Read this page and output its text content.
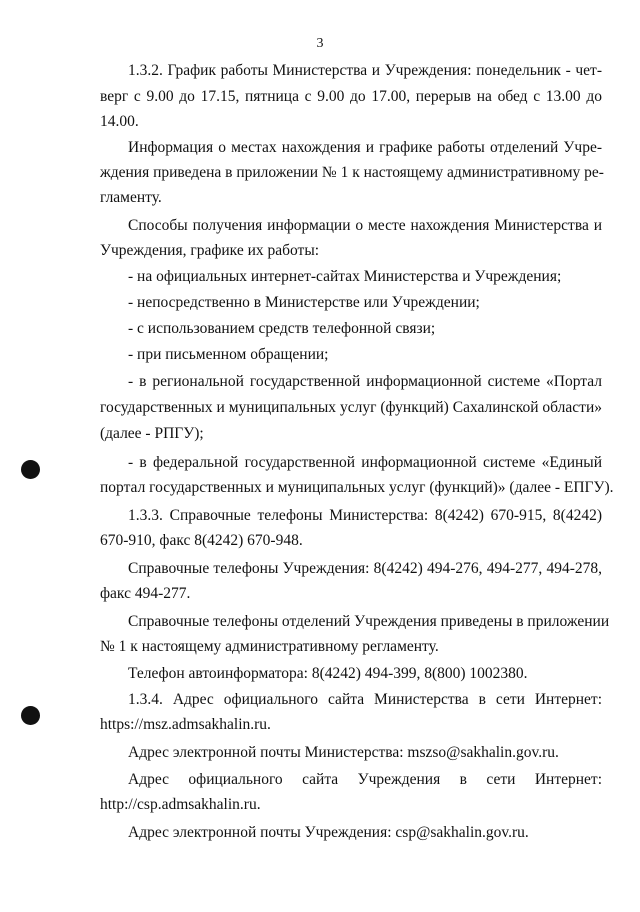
3
1.3.2. График работы Министерства и Учреждения: понедельник - чет-
верг с 9.00 до 17.15, пятница с 9.00 до 17.00, перерыв на обед с 13.00 до
14.00.
Информация о местах нахождения и графике работы отделений Учре-
ждения приведена в приложении № 1 к настоящему административному ре-
гламенту.
Способы получения информации о месте нахождения Министерства и
Учреждения, графике их работы:
- на официальных интернет-сайтах Министерства и Учреждения;
- непосредственно в Министерстве или Учреждении;
- с использованием средств телефонной связи;
- при письменном обращении;
- в региональной государственной информационной системе «Портал
государственных и муниципальных услуг (функций) Сахалинской области»
(далее - РПГУ);
- в федеральной государственной информационной системе «Единый
портал государственных и муниципальных услуг (функций)» (далее - ЕПГУ).
1.3.3. Справочные телефоны Министерства: 8(4242) 670-915, 8(4242)
670-910, факс 8(4242) 670-948.
Справочные телефоны Учреждения: 8(4242) 494-276, 494-277, 494-278,
факс 494-277.
Справочные телефоны отделений Учреждения приведены в приложении
№ 1 к настоящему административному регламенту.
Телефон автоинформатора: 8(4242) 494-399, 8(800) 1002380.
1.3.4. Адрес официального сайта Министерства в сети Интернет:
https://msz.admsakhalin.ru.
Адрес электронной почты Министерства: mszso@sakhalin.gov.ru.
Адрес официального сайта Учреждения в сети Интернет:
http://csp.admsakhalin.ru.
Адрес электронной почты Учреждения: csp@sakhalin.gov.ru.
